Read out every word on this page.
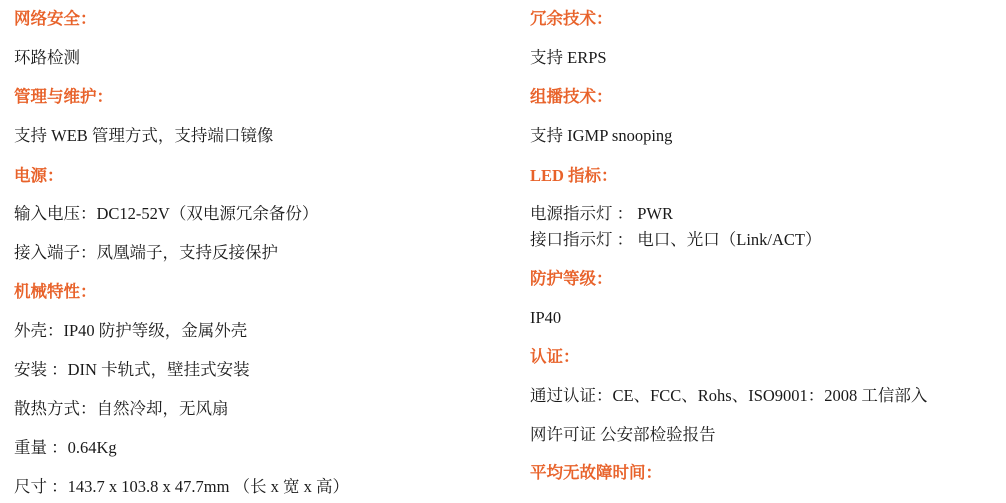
网络安全：
环路检测
管理与维护：
支持 WEB 管理方式，支持端口镜像
电源：
输入电压：DC12-52V（双电源冗余备份）
接入端子：凤凰端子，支持反接保护
机械特性：
外壳：IP40 防护等级，金属外壳
安装 ：DIN 卡轨式，壁挂式安装
散热方式：自然冷却，无风扇
重量 ：0.64Kg
尺寸 ：143.7 x 103.8 x 47.7mm （长 x 宽 x 高）
冗余技术：
支持 ERPS
组播技术：
支持 IGMP snooping
LED 指标：
电源指示灯 ： PWR
接口指示灯 ： 电口、光口（Link/ACT）
防护等级：
IP40
认证：
通过认证：CE、FCC、Rohs、ISO9001：2008 工信部入
网许可证 公安部检验报告
平均无故障时间：
